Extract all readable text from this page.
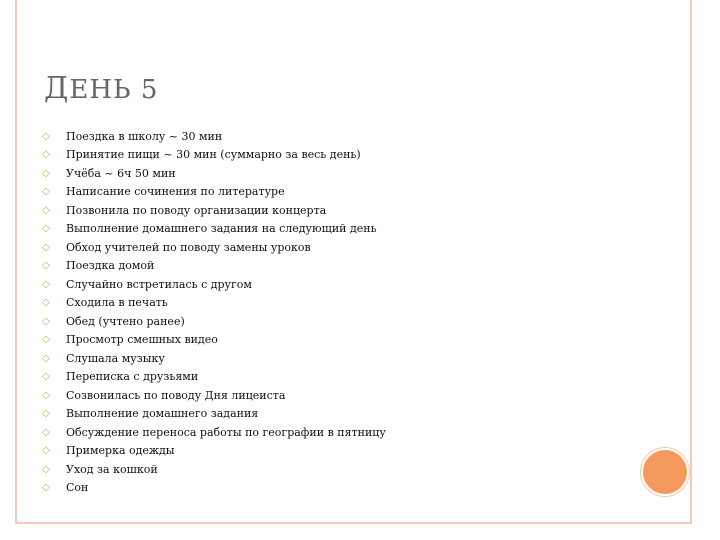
ДЕНЬ 5
◇ Поездка в школу ~ 30 мин
◇ Принятие пищи ~ 30 мин (суммарно за весь день)
◇ Учёба ~ 6ч 50 мин
◇ Написание сочинения по литературе
◇ Позвонила по поводу организации концерта
◇ Выполнение домашнего задания на следующий день
◇ Обход учителей по поводу замены уроков
◇ Поездка домой
◇ Случайно встретилась с другом
◇ Сходила в печать
◇ Обед (учтено ранее)
◇ Просмотр смешных видео
◇ Слушала музыку
◇ Переписка с друзьями
◇ Созвонилась по поводу Дня лицеиста
◇ Выполнение домашнего задания
◇ Обсуждение переноса работы по географии в пятницу
◇ Примерка одежды
◇ Уход за кошкой
◇ Сон
